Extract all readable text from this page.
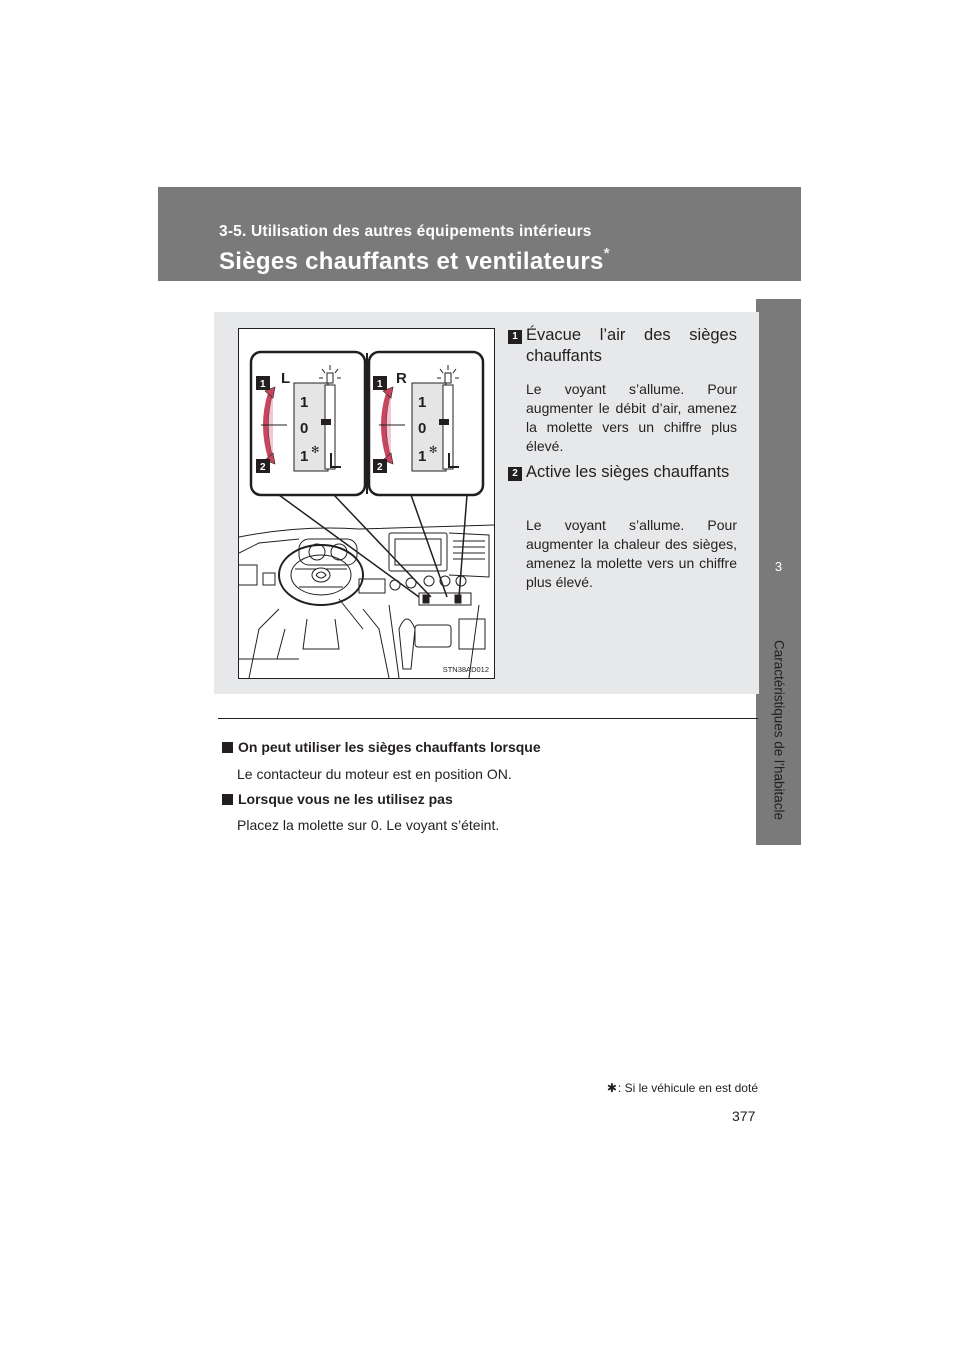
3-5. Utilisation des autres équipements intérieurs
Sièges chauffants et ventilateurs*
3
Caractéristiques de l’habitacle
✻
L
1
0
1
1
2
✻
R
1
0
1
1
2
STN38AD012
1 Évacue l’air des sièges chauffants
Le voyant s’allume. Pour augmenter le débit d’air, amenez la molette vers un chiffre plus élevé.
2 Active les sièges chauffants
Le voyant s’allume. Pour augmenter la chaleur des sièges, amenez la molette vers un chiffre plus élevé.
On peut utiliser les sièges chauffants lorsque
Le contacteur du moteur est en position ON.
Lorsque vous ne les utilisez pas
Placez la molette sur 0. Le voyant s’éteint.
✱: Si le véhicule en est doté
377
